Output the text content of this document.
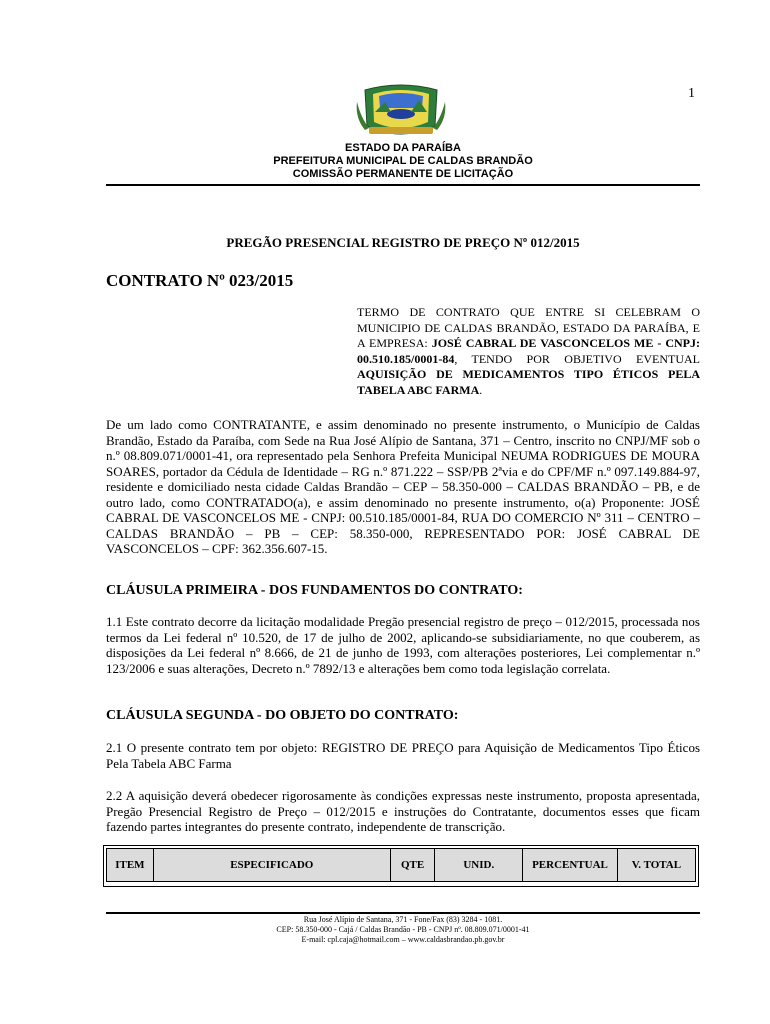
1
ESTADO DA PARAÍBA
PREFEITURA MUNICIPAL DE CALDAS BRANDÃO
COMISSÃO PERMANENTE DE LICITAÇÃO
PREGÃO PRESENCIAL REGISTRO DE PREÇO Nº 012/2015
CONTRATO Nº 023/2015
TERMO DE CONTRATO QUE ENTRE SI CELEBRAM O MUNICIPIO DE CALDAS BRANDÃO, ESTADO DA PARAÍBA, E A EMPRESA: JOSÉ CABRAL DE VASCONCELOS ME - CNPJ: 00.510.185/0001-84, TENDO POR OBJETIVO EVENTUAL AQUISIÇÃO DE MEDICAMENTOS TIPO ÉTICOS PELA TABELA ABC FARMA.
De um lado como CONTRATANTE, e assim denominado no presente instrumento, o Município de Caldas Brandão, Estado da Paraíba, com Sede na Rua José Alípio de Santana, 371 – Centro, inscrito no CNPJ/MF sob o n.º 08.809.071/0001-41, ora representado pela Senhora Prefeita Municipal NEUMA RODRIGUES DE MOURA SOARES, portador da Cédula de Identidade – RG n.º 871.222 – SSP/PB 2ªvia e do CPF/MF n.º 097.149.884-97, residente e domiciliado nesta cidade Caldas Brandão – CEP – 58.350-000 – CALDAS BRANDÃO – PB, e de outro lado, como CONTRATADO(a), e assim denominado no presente instrumento, o(a) Proponente: JOSÉ CABRAL DE VASCONCELOS ME - CNPJ: 00.510.185/0001-84, RUA DO COMERCIO Nº 311 – CENTRO – CALDAS BRANDÃO – PB – CEP: 58.350-000, REPRESENTADO POR: JOSÉ CABRAL DE VASCONCELOS – CPF: 362.356.607-15.
CLÁUSULA PRIMEIRA - DOS FUNDAMENTOS DO CONTRATO:
1.1 Este contrato decorre da licitação modalidade Pregão presencial registro de preço – 012/2015, processada nos termos da Lei federal nº 10.520, de 17 de julho de 2002, aplicando-se subsidiariamente, no que couberem, as disposições da Lei federal nº 8.666, de 21 de junho de 1993, com alterações posteriores, Lei complementar n.º 123/2006 e suas alterações, Decreto n.º 7892/13 e alterações bem como toda legislação correlata.
CLÁUSULA SEGUNDA - DO OBJETO DO CONTRATO:
2.1 O presente contrato tem por objeto: REGISTRO DE PREÇO para Aquisição de Medicamentos Tipo Éticos Pela Tabela ABC Farma
2.2 A aquisição deverá obedecer rigorosamente às condições expressas neste instrumento, proposta apresentada, Pregão Presencial Registro de Preço – 012/2015 e instruções do Contratante, documentos esses que ficam fazendo partes integrantes do presente contrato, independente de transcrição.
ITEM	ESPECIFICADO	QTE	UNID.	PERCENTUAL	V. TOTAL
Rua José Alípio de Santana, 371 - Fone/Fax (83) 3284 - 1081.
CEP: 58.350-000 - Cajá / Caldas Brandão - PB - CNPJ nº. 08.809.071/0001-41
E-mail: cpl.caja@hotmail.com – www.caldasbrandao.pb.gov.br
